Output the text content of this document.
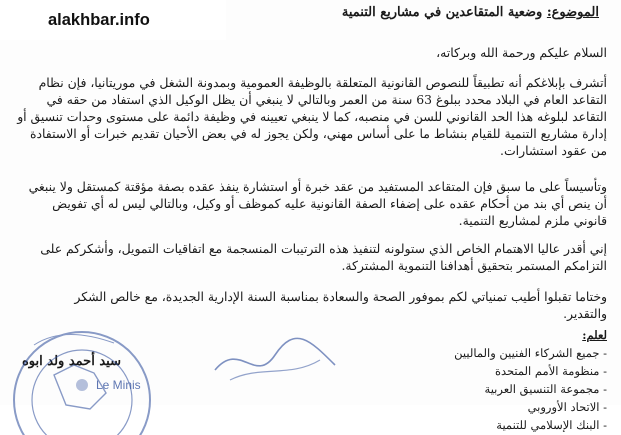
الموضوع: وضعية المتقاعدين في مشاريع التنمية
السلام عليكم ورحمة الله وبركاته،
أتشرف بإبلاغكم أنه تطبيقاً للنصوص القانونية المتعلقة بالوظيفة العمومية وبمدونة الشغل في موريتانيا، فإن نظام
التقاعد العام في البلاد محدد ببلوغ 63 سنة من العمر وبالتالي لا ينبغي أن يظل الوكيل الذي استفاد من حقه في
التقاعد لبلوغه هذا الحد القانوني للسن في منصبه، كما لا ينبغي تعيينه في وظيفة دائمة على مستوى وحدات تنسيق أو
إدارة مشاريع التنمية للقيام بنشاط ما على أساس مهني، ولكن يجوز له في بعض الأحيان تقديم خبرات أو الاستفادة
من عقود استشارات.
وتأسيساً على ما سبق فإن المتقاعد المستفيد من عقد خبرة أو استشارة ينفذ عقده بصفة مؤقتة كمستقل ولا ينبغي
أن ينص أي بند من أحكام عقده على إضفاء الصفة القانونية عليه كموظف أو وكيل، وبالتالي ليس له أي تفويض
قانوني ملزم لمشاريع التنمية.
إني أقدر عاليا الاهتمام الخاص الذي ستولونه لتنفيذ هذه الترتيبات المنسجمة مع اتفاقيات التمويل، وأشكركم على
التزامكم المستمر بتحقيق أهدافنا التنموية المشتركة.
وختاما تقبلوا أطيب تمنياتي لكم بموفور الصحة والسعادة بمناسبة السنة الإدارية الجديدة، مع خالص الشكر
والتقدير.
سيد أحمد ولد ابوه
لعلم:
- جميع الشركاء الفنيين والماليين
- منظومة الأمم المتحدة
- مجموعة التنسيق العربية
- الاتحاد الأوروبي
- البنك الإسلامي للتنمية
Le Minis
alakhbar.info
